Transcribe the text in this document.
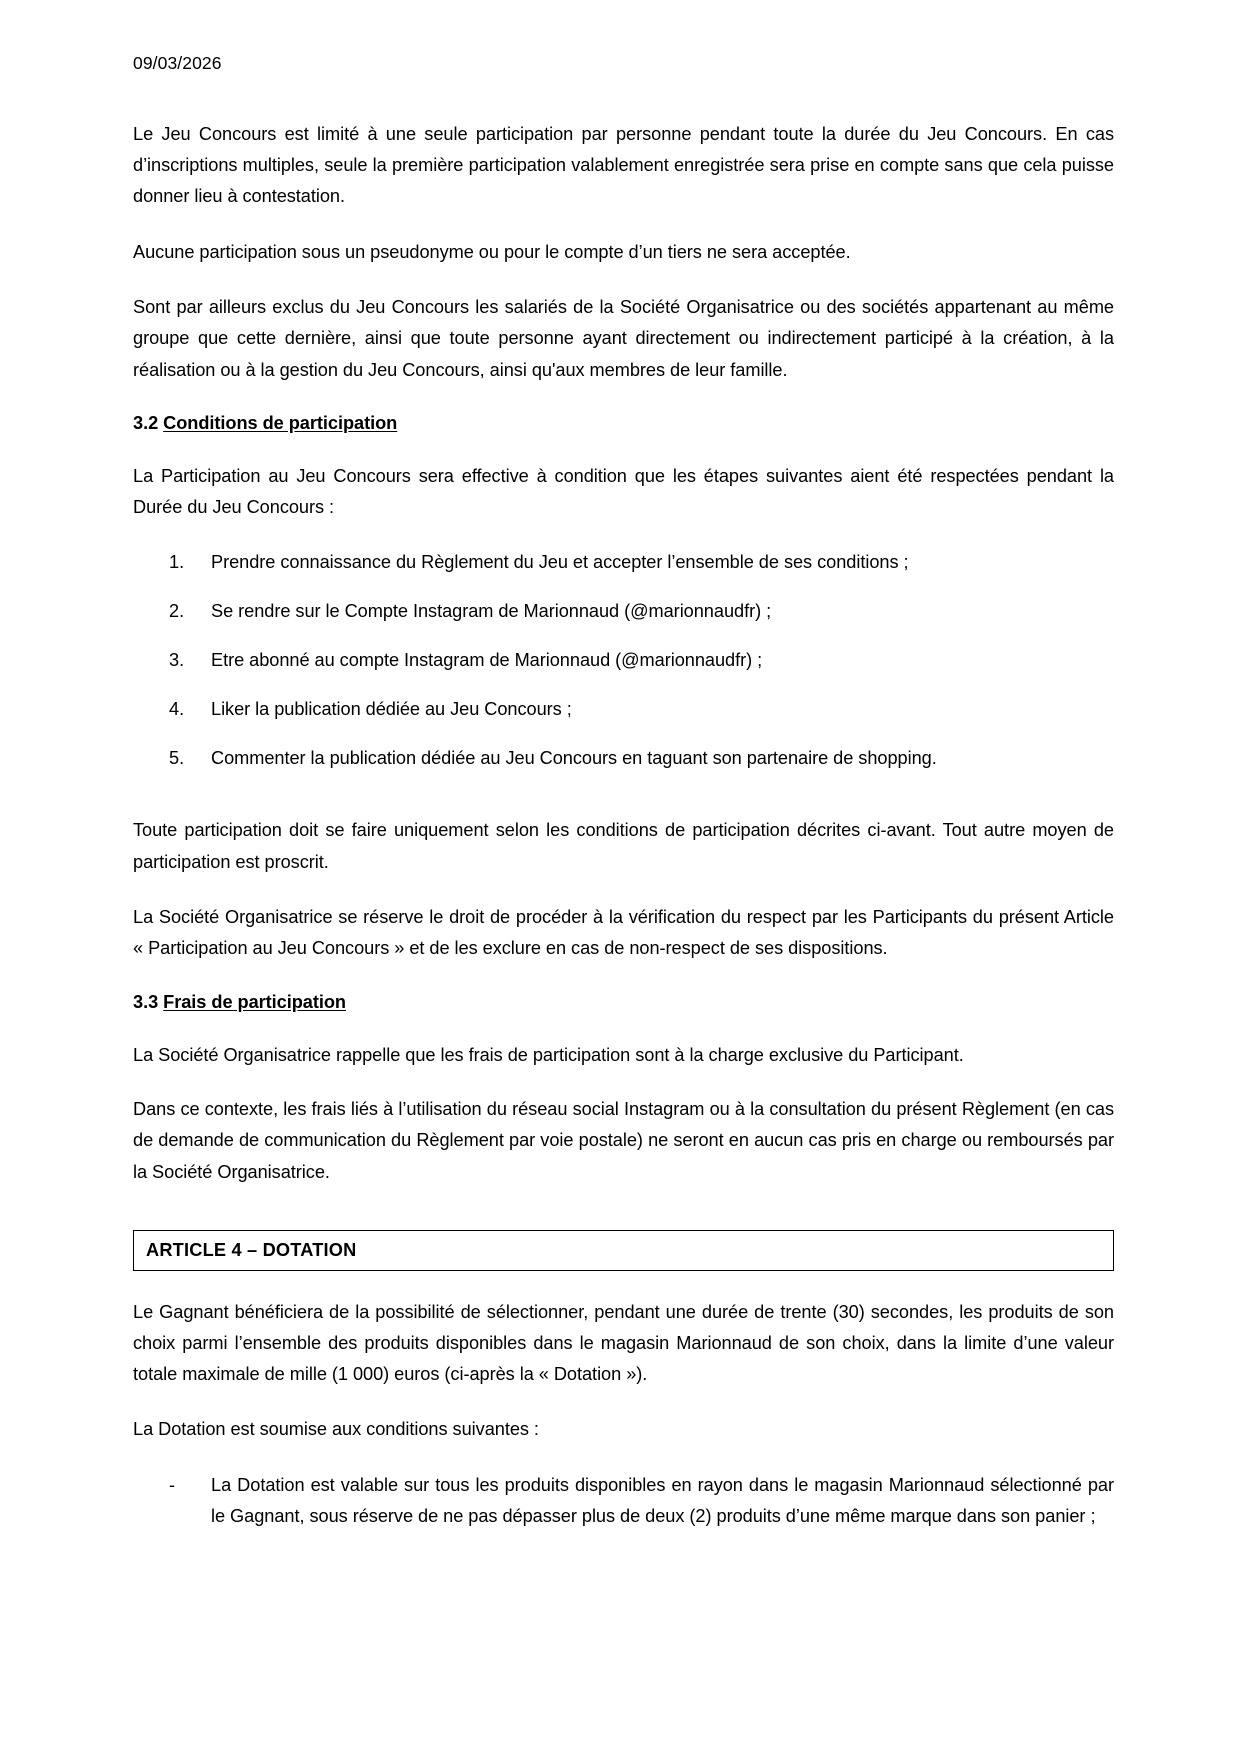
09/03/2026

Le Jeu Concours est limité à une seule participation par personne pendant toute la durée du Jeu Concours. En cas d’inscriptions multiples, seule la première participation valablement enregistrée sera prise en compte sans que cela puisse donner lieu à contestation.

Aucune participation sous un pseudonyme ou pour le compte d’un tiers ne sera acceptée.

Sont par ailleurs exclus du Jeu Concours les salariés de la Société Organisatrice ou des sociétés appartenant au même groupe que cette dernière, ainsi que toute personne ayant directement ou indirectement participé à la création, à la réalisation ou à la gestion du Jeu Concours, ainsi qu'aux membres de leur famille.

3.2 Conditions de participation

La Participation au Jeu Concours sera effective à condition que les étapes suivantes aient été respectées pendant la Durée du Jeu Concours :

1.	Prendre connaissance du Règlement du Jeu et accepter l’ensemble de ses conditions ;
2.	Se rendre sur le Compte Instagram de Marionnaud (@marionnaudfr) ;
3.	Etre abonné au compte Instagram de Marionnaud (@marionnaudfr) ;
4.	Liker la publication dédiée au Jeu Concours ;
5.	Commenter la publication dédiée au Jeu Concours en taguant son partenaire de shopping.

Toute participation doit se faire uniquement selon les conditions de participation décrites ci-avant. Tout autre moyen de participation est proscrit.

La Société Organisatrice se réserve le droit de procéder à la vérification du respect par les Participants du présent Article « Participation au Jeu Concours » et de les exclure en cas de non-respect de ses dispositions.

3.3 Frais de participation

La Société Organisatrice rappelle que les frais de participation sont à la charge exclusive du Participant.

Dans ce contexte, les frais liés à l’utilisation du réseau social Instagram ou à la consultation du présent Règlement (en cas de demande de communication du Règlement par voie postale) ne seront en aucun cas pris en charge ou remboursés par la Société Organisatrice.

ARTICLE 4 – DOTATION

Le Gagnant bénéficiera de la possibilité de sélectionner, pendant une durée de trente (30) secondes, les produits de son choix parmi l’ensemble des produits disponibles dans le magasin Marionnaud de son choix, dans la limite d’une valeur totale maximale de mille (1 000) euros (ci-après la « Dotation »).

La Dotation est soumise aux conditions suivantes :

- La Dotation est valable sur tous les produits disponibles en rayon dans le magasin Marionnaud sélectionné par le Gagnant, sous réserve de ne pas dépasser plus de deux (2) produits d’une même marque dans son panier ;
